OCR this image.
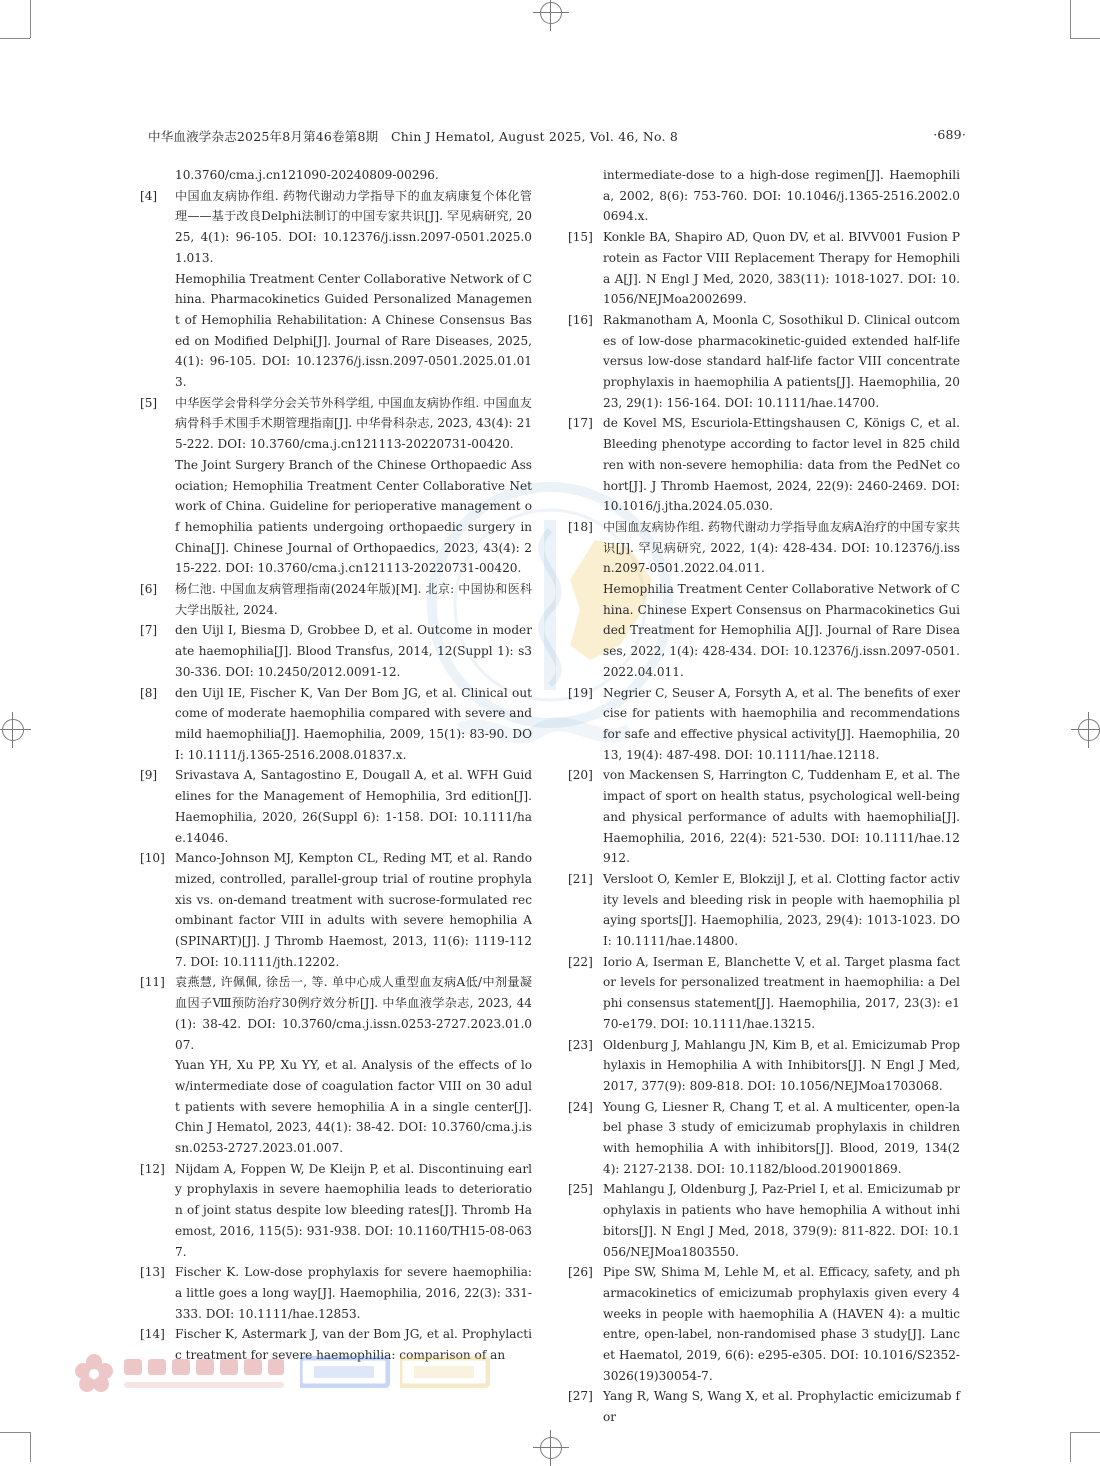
中华血液学杂志2025年8月第46卷第8期　Chin J Hematol, August 2025, Vol. 46, No. 8	·689·
10.3760/cma.j.cn121090-20240809-00296.
[4] 中国血友病协作组. 药物代谢动力学指导下的血友病康复个体化管理——基于改良Delphi法制订的中国专家共识[J]. 罕见病研究, 2025, 4(1): 96-105. DOI: 10.12376/j.issn.2097-0501.2025.01.013.
Hemophilia Treatment Center Collaborative Network of China. Pharmacokinetics Guided Personalized Management of Hemophilia Rehabilitation: A Chinese Consensus Based on Modified Delphi[J]. Journal of Rare Diseases, 2025, 4(1): 96-105. DOI: 10.12376/j.issn.2097-0501.2025.01.013.
[5] 中华医学会骨科学分会关节外科学组, 中国血友病协作组. 中国血友病骨科手术围手术期管理指南[J]. 中华骨科杂志, 2023, 43(4): 215-222. DOI: 10.3760/cma.j.cn121113-20220731-00420.
The Joint Surgery Branch of the Chinese Orthopaedic Association; Hemophilia Treatment Center Collaborative Network of China. Guideline for perioperative management of hemophilia patients undergoing orthopaedic surgery in China[J]. Chinese Journal of Orthopaedics, 2023, 43(4): 215-222. DOI: 10.3760/cma.j.cn121113-20220731-00420.
[6] 杨仁池. 中国血友病管理指南(2024年版)[M]. 北京: 中国协和医科大学出版社, 2024.
[7] den Uijl I, Biesma D, Grobbee D, et al. Outcome in moderate haemophilia[J]. Blood Transfus, 2014, 12(Suppl 1): s330-336. DOI: 10.2450/2012.0091-12.
[8] den Uijl IE, Fischer K, Van Der Bom JG, et al. Clinical outcome of moderate haemophilia compared with severe and mild haemophilia[J]. Haemophilia, 2009, 15(1): 83-90. DOI: 10.1111/j.1365-2516.2008.01837.x.
[9] Srivastava A, Santagostino E, Dougall A, et al. WFH Guidelines for the Management of Hemophilia, 3rd edition[J]. Haemophilia, 2020, 26(Suppl 6): 1-158. DOI: 10.1111/hae.14046.
[10] Manco-Johnson MJ, Kempton CL, Reding MT, et al. Randomized, controlled, parallel-group trial of routine prophylaxis vs. on-demand treatment with sucrose-formulated recombinant factor VIII in adults with severe hemophilia A (SPINART)[J]. J Thromb Haemost, 2013, 11(6): 1119-1127. DOI: 10.1111/jth.12202.
[11] 袁燕慧, 许佩佩, 徐岳一, 等. 单中心成人重型血友病A低/中剂量凝血因子Ⅷ预防治疗30例疗效分析[J]. 中华血液学杂志, 2023, 44(1): 38-42. DOI: 10.3760/cma.j.issn.0253-2727.2023.01.007.
Yuan YH, Xu PP, Xu YY, et al. Analysis of the effects of low/intermediate dose of coagulation factor VIII on 30 adult patients with severe hemophilia A in a single center[J]. Chin J Hematol, 2023, 44(1): 38-42. DOI: 10.3760/cma.j.issn.0253-2727.2023.01.007.
[12] Nijdam A, Foppen W, De Kleijn P, et al. Discontinuing early prophylaxis in severe haemophilia leads to deterioration of joint status despite low bleeding rates[J]. Thromb Haemost, 2016, 115(5): 931-938. DOI: 10.1160/TH15-08-0637.
[13] Fischer K. Low-dose prophylaxis for severe haemophilia: a little goes a long way[J]. Haemophilia, 2016, 22(3): 331-333. DOI: 10.1111/hae.12853.
[14] Fischer K, Astermark J, van der Bom JG, et al. Prophylactic treatment for severe haemophilia: comparison of an
intermediate-dose to a high-dose regimen[J]. Haemophilia, 2002, 8(6): 753-760. DOI: 10.1046/j.1365-2516.2002.00694.x.
[15] Konkle BA, Shapiro AD, Quon DV, et al. BIVV001 Fusion Protein as Factor VIII Replacement Therapy for Hemophilia A[J]. N Engl J Med, 2020, 383(11): 1018-1027. DOI: 10.1056/NEJMoa2002699.
[16] Rakmanotham A, Moonla C, Sosothikul D. Clinical outcomes of low-dose pharmacokinetic-guided extended half-life versus low-dose standard half-life factor VIII concentrate prophylaxis in haemophilia A patients[J]. Haemophilia, 2023, 29(1): 156-164. DOI: 10.1111/hae.14700.
[17] de Kovel MS, Escuriola-Ettingshausen C, Königs C, et al. Bleeding phenotype according to factor level in 825 children with non-severe hemophilia: data from the PedNet cohort[J]. J Thromb Haemost, 2024, 22(9): 2460-2469. DOI: 10.1016/j.jtha.2024.05.030.
[18] 中国血友病协作组. 药物代谢动力学指导血友病A治疗的中国专家共识[J]. 罕见病研究, 2022, 1(4): 428-434. DOI: 10.12376/j.issn.2097-0501.2022.04.011.
Hemophilia Treatment Center Collaborative Network of China. Chinese Expert Consensus on Pharmacokinetics Guided Treatment for Hemophilia A[J]. Journal of Rare Diseases, 2022, 1(4): 428-434. DOI: 10.12376/j.issn.2097-0501.2022.04.011.
[19] Negrier C, Seuser A, Forsyth A, et al. The benefits of exercise for patients with haemophilia and recommendations for safe and effective physical activity[J]. Haemophilia, 2013, 19(4): 487-498. DOI: 10.1111/hae.12118.
[20] von Mackensen S, Harrington C, Tuddenham E, et al. The impact of sport on health status, psychological well-being and physical performance of adults with haemophilia[J]. Haemophilia, 2016, 22(4): 521-530. DOI: 10.1111/hae.12912.
[21] Versloot O, Kemler E, Blokzijl J, et al. Clotting factor activity levels and bleeding risk in people with haemophilia playing sports[J]. Haemophilia, 2023, 29(4): 1013-1023. DOI: 10.1111/hae.14800.
[22] Iorio A, Iserman E, Blanchette V, et al. Target plasma factor levels for personalized treatment in haemophilia: a Delphi consensus statement[J]. Haemophilia, 2017, 23(3): e170-e179. DOI: 10.1111/hae.13215.
[23] Oldenburg J, Mahlangu JN, Kim B, et al. Emicizumab Prophylaxis in Hemophilia A with Inhibitors[J]. N Engl J Med, 2017, 377(9): 809-818. DOI: 10.1056/NEJMoa1703068.
[24] Young G, Liesner R, Chang T, et al. A multicenter, open-label phase 3 study of emicizumab prophylaxis in children with hemophilia A with inhibitors[J]. Blood, 2019, 134(24): 2127-2138. DOI: 10.1182/blood.2019001869.
[25] Mahlangu J, Oldenburg J, Paz-Priel I, et al. Emicizumab prophylaxis in patients who have hemophilia A without inhibitors[J]. N Engl J Med, 2018, 379(9): 811-822. DOI: 10.1056/NEJMoa1803550.
[26] Pipe SW, Shima M, Lehle M, et al. Efficacy, safety, and pharmacokinetics of emicizumab prophylaxis given every 4 weeks in people with haemophilia A (HAVEN 4): a multicentre, open-label, non-randomised phase 3 study[J]. Lancet Haematol, 2019, 6(6): e295-e305. DOI: 10.1016/S2352-3026(19)30054-7.
[27] Yang R, Wang S, Wang X, et al. Prophylactic emicizumab for
